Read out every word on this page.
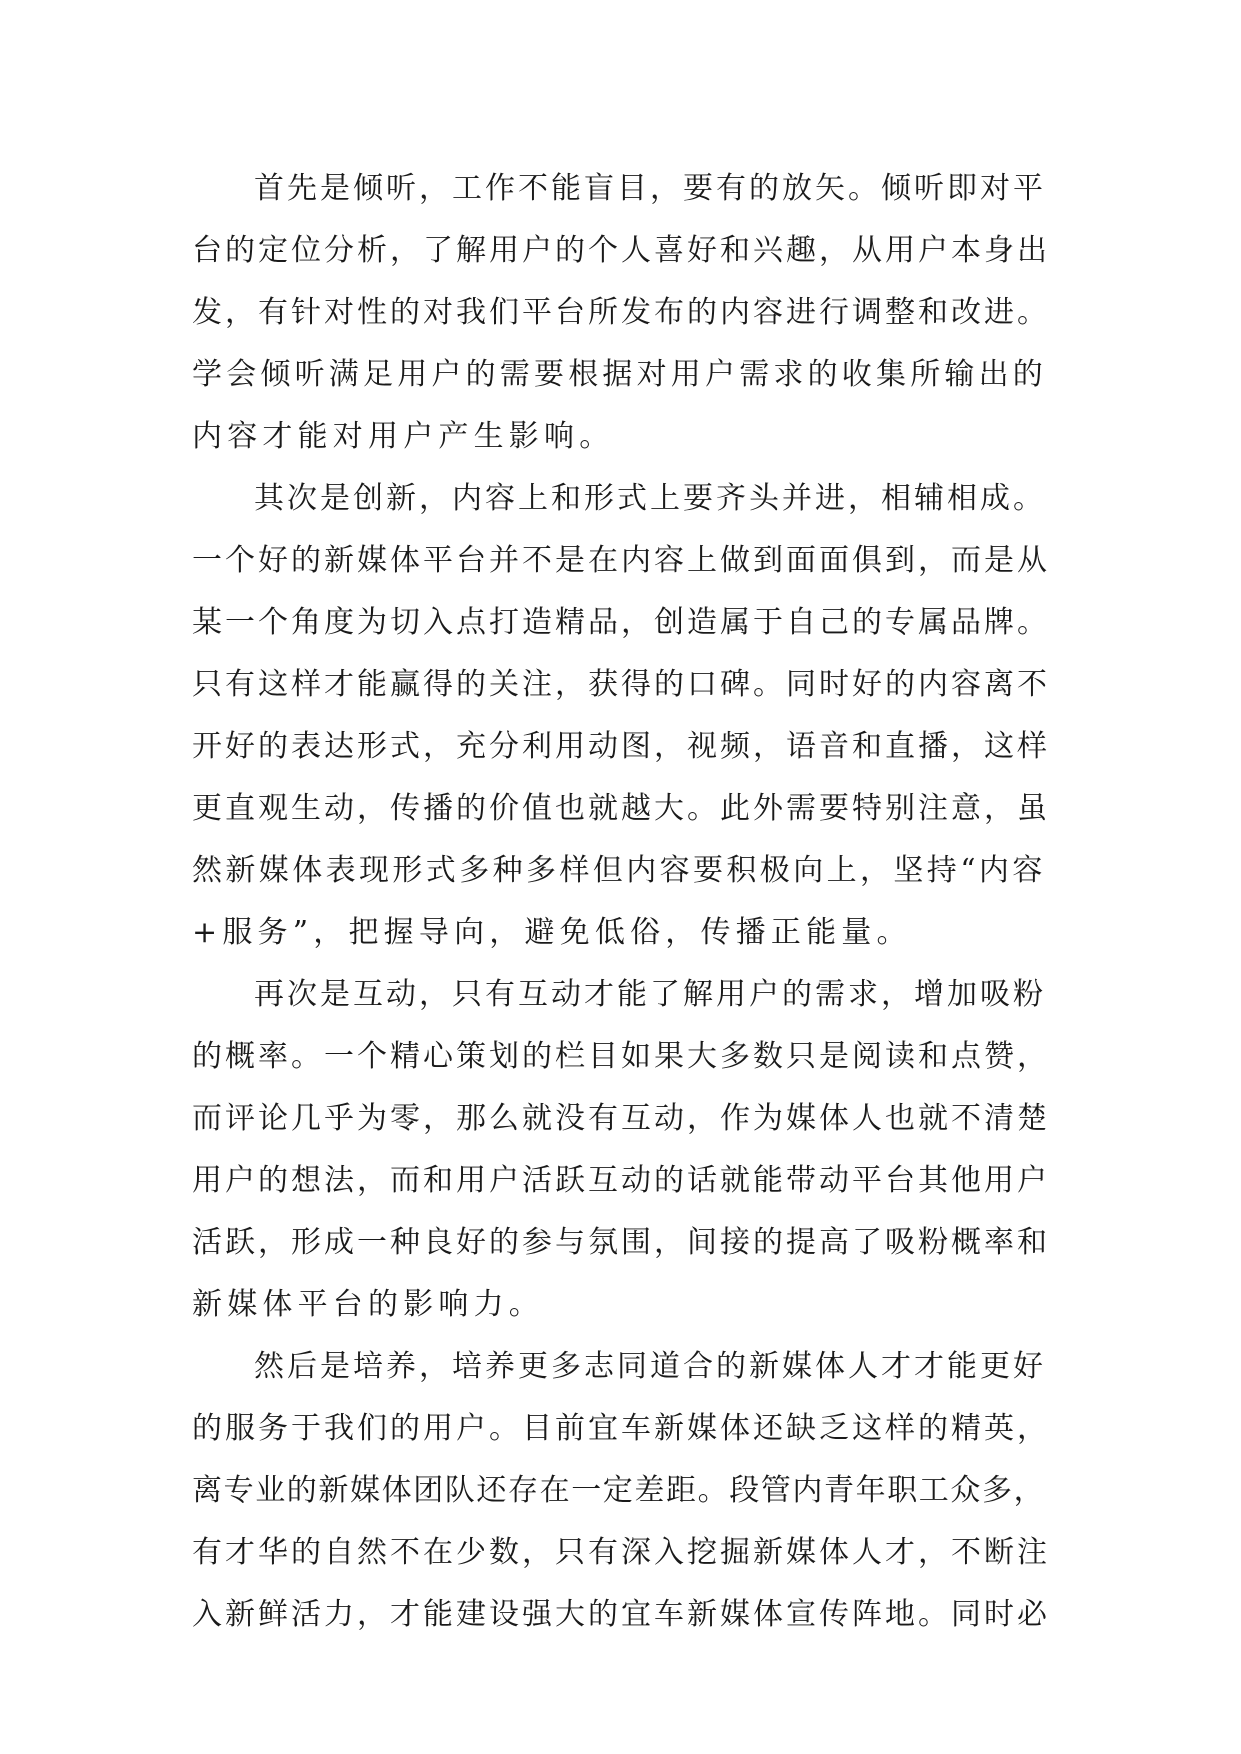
首先是倾听，工作不能盲目，要有的放矢。倾听即对平
台的定位分析，了解用户的个人喜好和兴趣，从用户本身出
发，有针对性的对我们平台所发布的内容进行调整和改进。
学会倾听满足用户的需要根据对用户需求的收集所输出的
内容才能对用户产生影响。
其次是创新，内容上和形式上要齐头并进，相辅相成。
一个好的新媒体平台并不是在内容上做到面面俱到，而是从
某一个角度为切入点打造精品，创造属于自己的专属品牌。
只有这样才能赢得的关注，获得的口碑。同时好的内容离不
开好的表达形式，充分利用动图，视频，语音和直播，这样
更直观生动，传播的价值也就越大。此外需要特别注意，虽
然新媒体表现形式多种多样但内容要积极向上，坚持“内容
+服务”，把握导向，避免低俗，传播正能量。
再次是互动，只有互动才能了解用户的需求，增加吸粉
的概率。一个精心策划的栏目如果大多数只是阅读和点赞，
而评论几乎为零，那么就没有互动，作为媒体人也就不清楚
用户的想法，而和用户活跃互动的话就能带动平台其他用户
活跃，形成一种良好的参与氛围，间接的提高了吸粉概率和
新媒体平台的影响力。
然后是培养，培养更多志同道合的新媒体人才才能更好
的服务于我们的用户。目前宜车新媒体还缺乏这样的精英，
离专业的新媒体团队还存在一定差距。段管内青年职工众多，
有才华的自然不在少数，只有深入挖掘新媒体人才，不断注
入新鲜活力，才能建设强大的宜车新媒体宣传阵地。同时必
